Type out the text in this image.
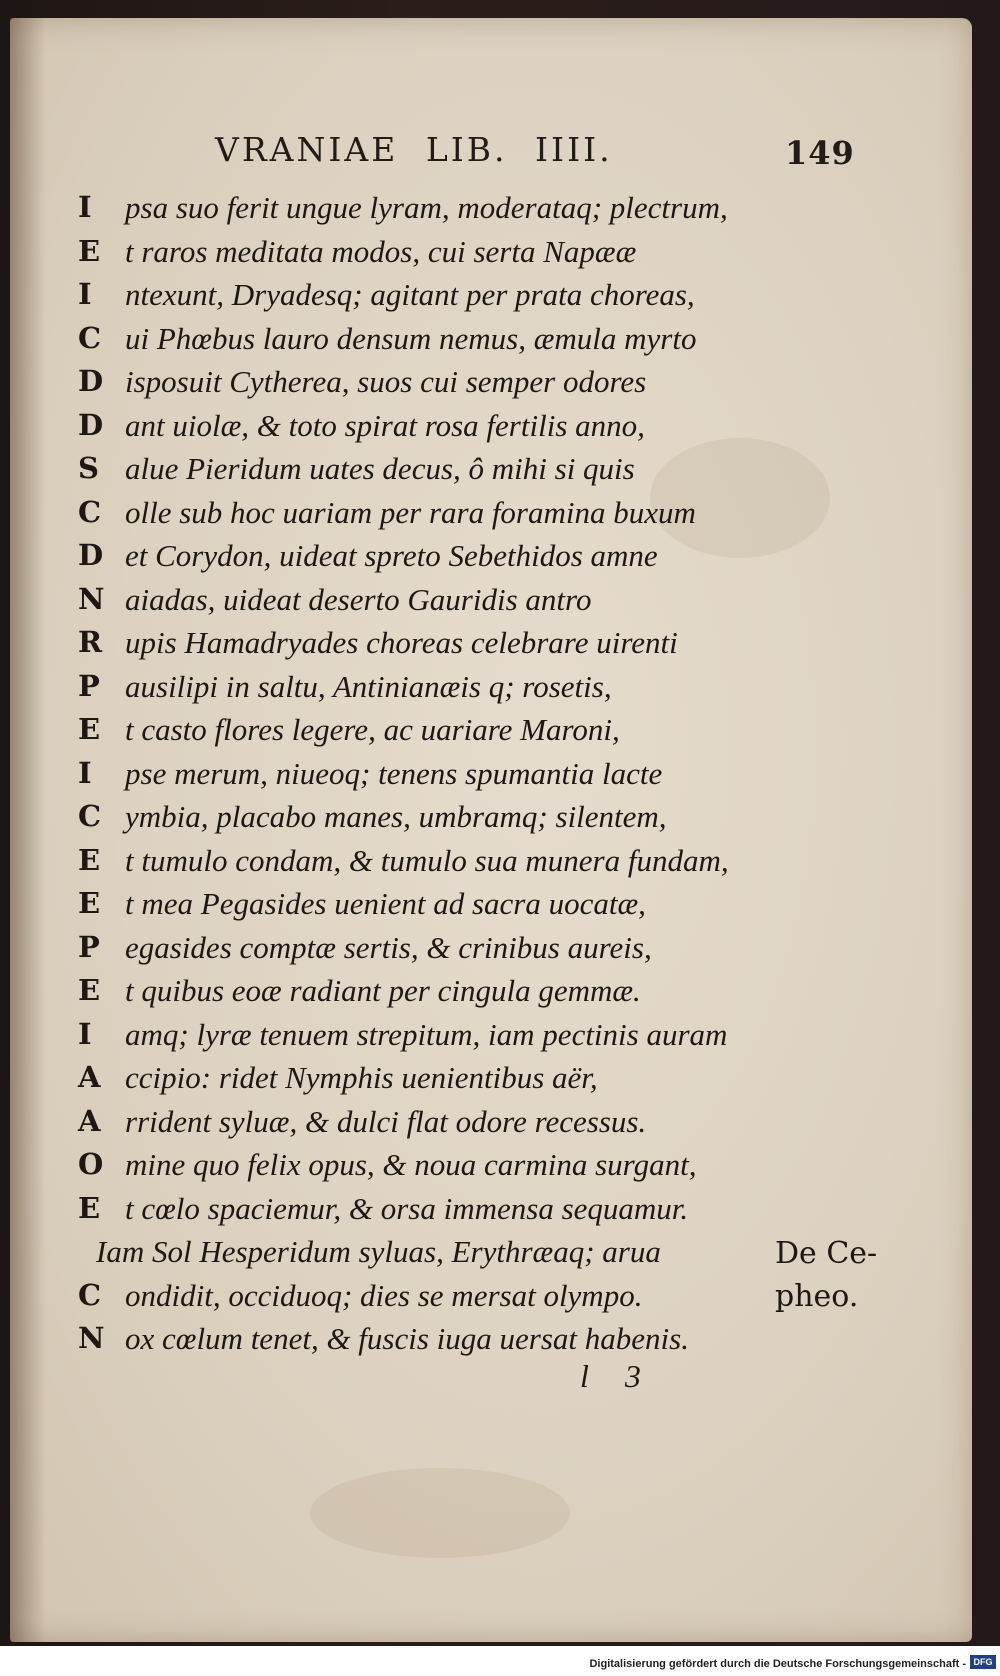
VRANIAE LIB. IIII.	149
I	psa suo ferit ungue lyram, moderataq; plectrum,
E t raros meditata modos, cui serta Napææ
I	ntexunt, Dryadesq; agitant per prata choreas,
C ui Phœbus lauro densum nemus, æmula myrto
D isposuit Cytherea, suos cui semper odores
D ant uiolæ, & toto spirat rosa fertilis anno,
S alue Pieridum uates decus, ô mihi si quis
C olle sub hoc uariam per rara foramina buxum
D et Corydon, uideat spreto Sebethidos amne
N aiadas, uideat deserto Gauridis antro
R upis Hamadryades choreas celebrare uirenti
P ausilipi in saltu, Antinianæis q; rosetis,
E t casto flores legere, ac uariare Maroni,
I	pse merum, niueoq; tenens spumantia lacte
C ymbia, placabo manes, umbramq; silentem,
E t tumulo condam, & tumulo sua munera fundam,
E t mea Pegasides uenient ad sacra uocatæ,
P egasides comptæ sertis, & crinibus aureis,
E t quibus eoæ radiant per cingula gemmæ.
I	amq; lyræ tenuem strepitum, iam pectinis auram
A ccipio: ridet Nymphis uenientibus aër,
A rrident syluæ, & dulci flat odore recessus.
O mine quo felix opus, & noua carmina surgant,
E t cœlo spaciemur, & orsa immensa sequamur.
Iam Sol Hesperidum syluas, Erythræaq; arua
C ondidit, occiduoq; dies se mersat olympo.
N ox cœlum tenet, & fuscis iuga uersat habenis.
De Ce-
pheo.
l 3
Digitalisierung gefördert durch die Deutsche Forschungsgemeinschaft - DFG
